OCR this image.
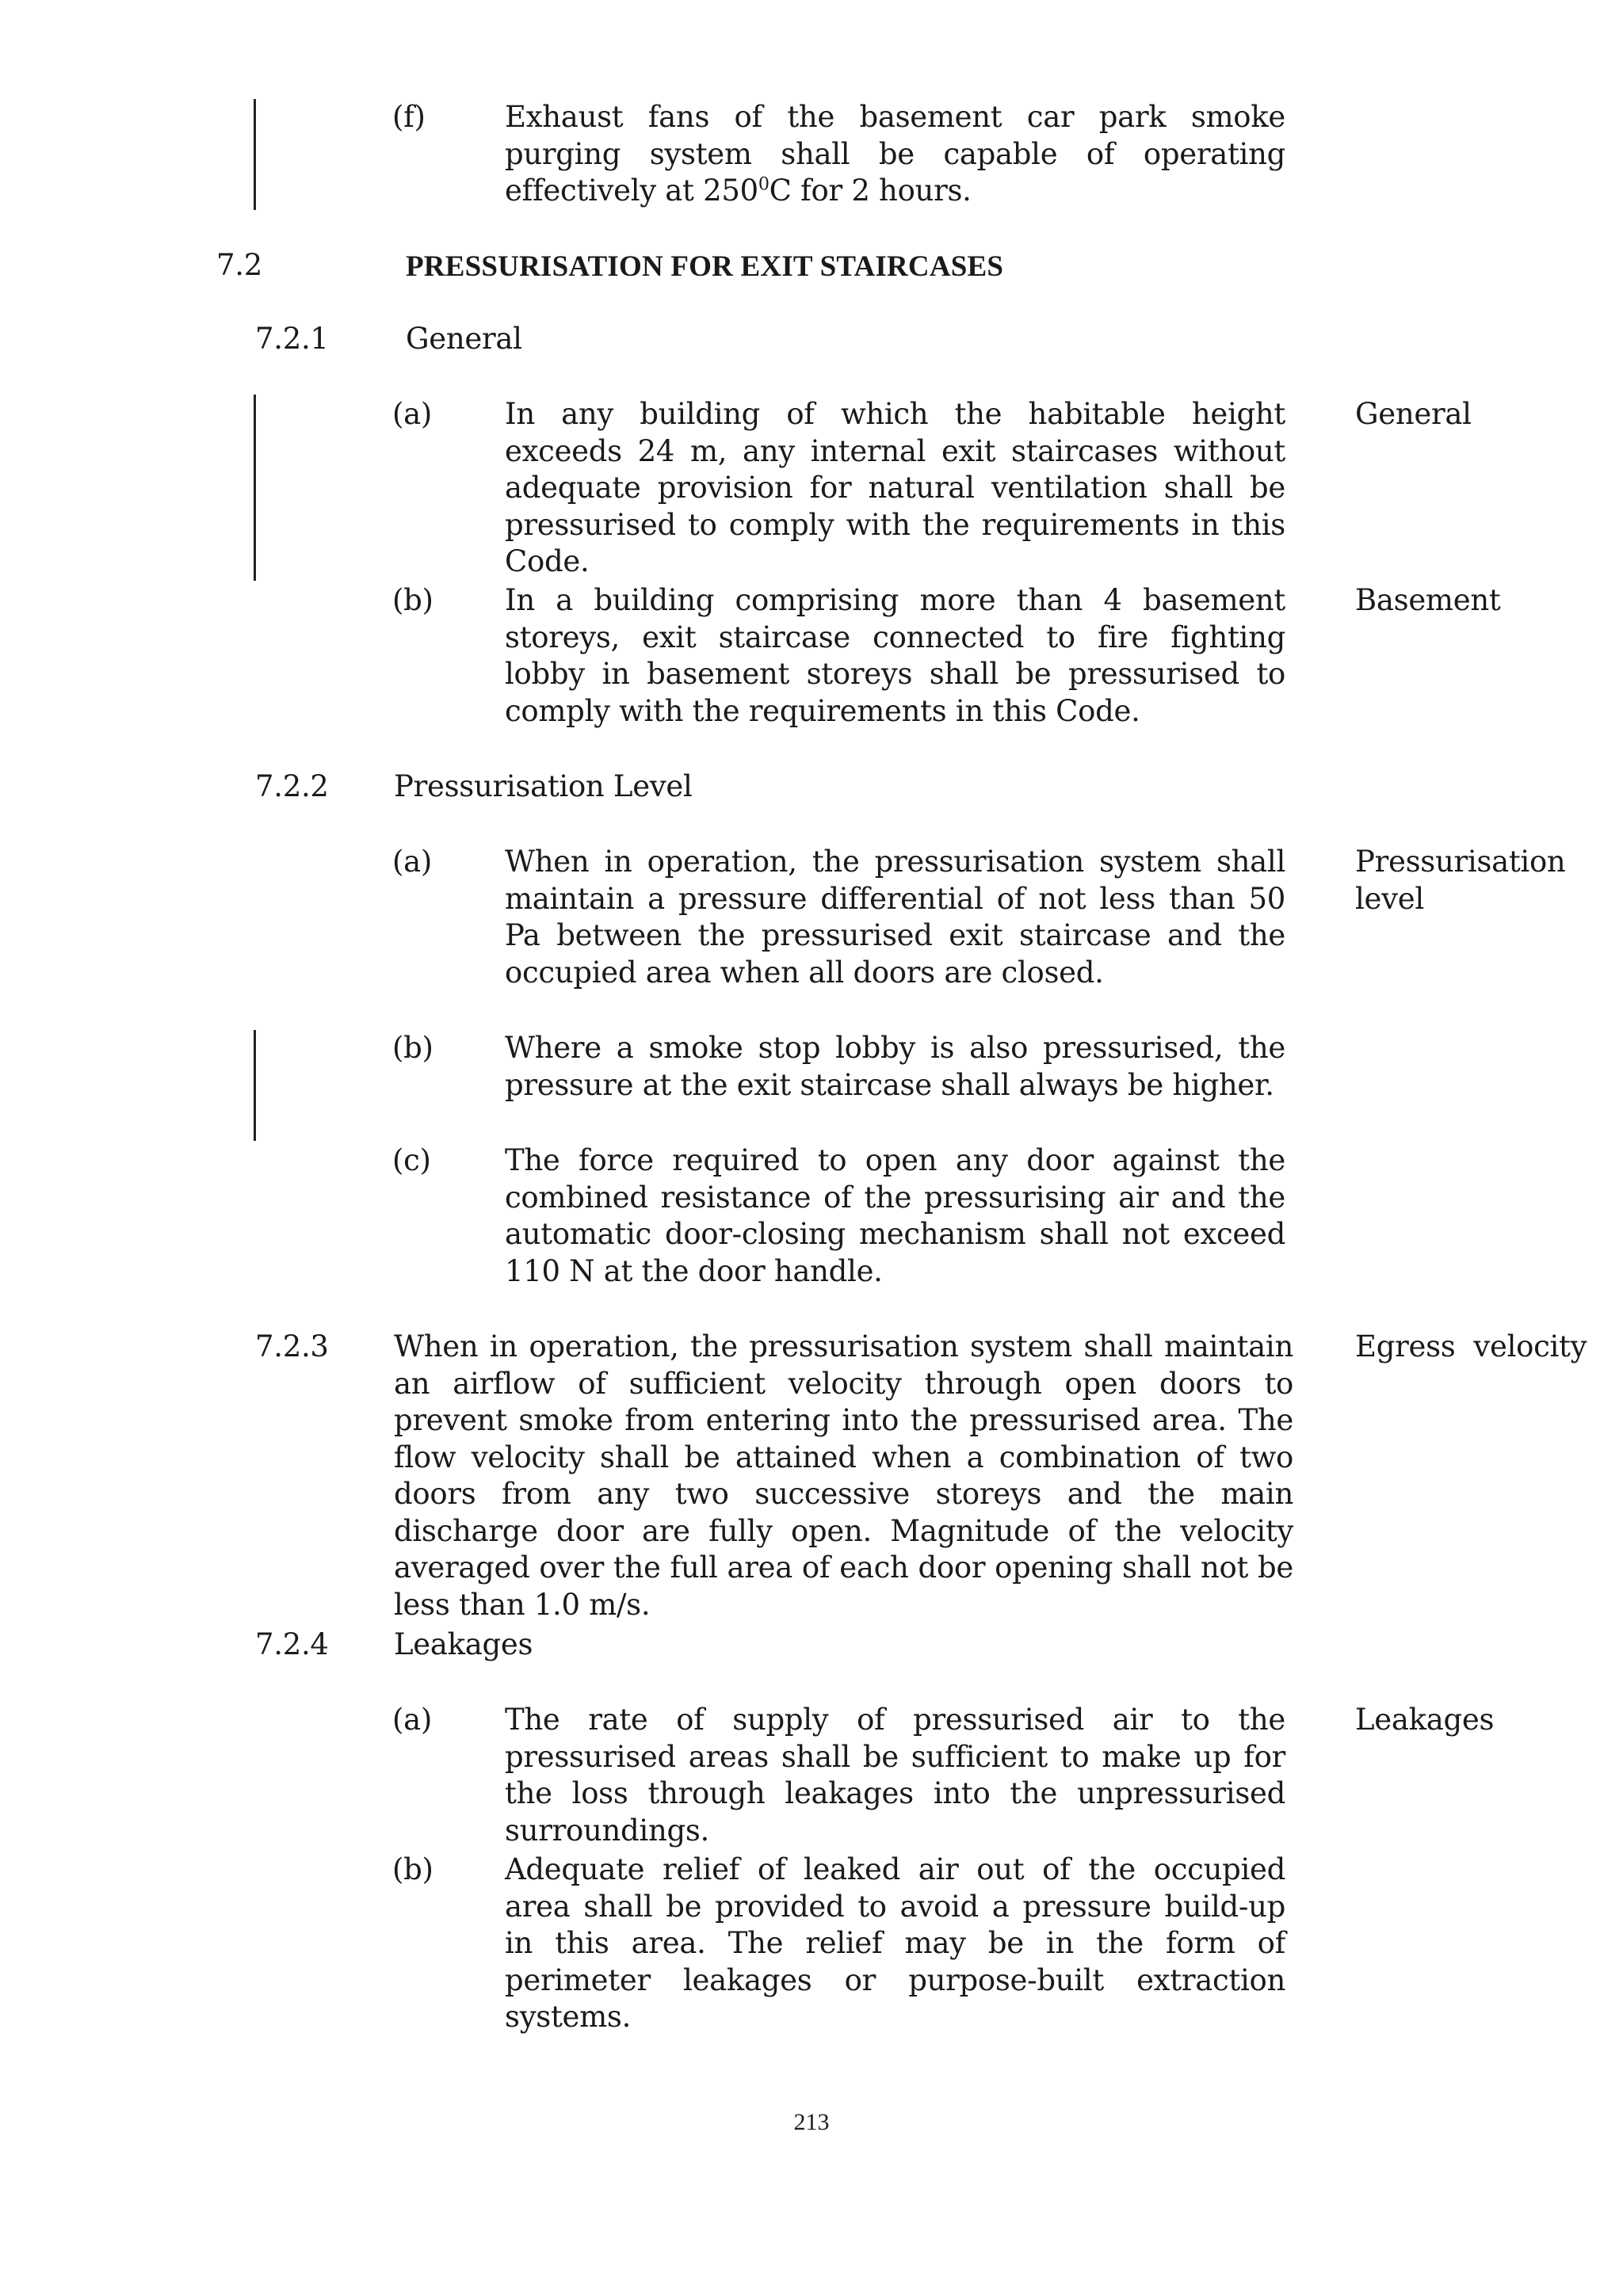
(f)	Exhaust fans of the basement car park smoke purging system shall be capable of operating effectively at $250^0C$ for 2 hours.
7.2	PRESSURISATION FOR EXIT STAIRCASES
7.2.1	General
(a) In any building of which the habitable height exceeds 24 m, any internal exit staircases without adequate provision for natural ventilation shall be pressurised to comply with the requirements in this Code.
General
(b) In a building comprising more than 4 basement storeys, exit staircase connected to fire fighting lobby in basement storeys shall be pressurised to comply with the requirements in this Code.
Basement
7.2.2 Pressurisation Level
(a) When in operation, the pressurisation system shall maintain a pressure differential of not less than 50 Pa between the pressurised exit staircase and the occupied area when all doors are closed.
Pressurisation level
(b) Where a smoke stop lobby is also pressurised, the pressure at the exit staircase shall always be higher.
(c)	The force required to open any door against the combined resistance of the pressurising air and the automatic door-closing mechanism shall not exceed 110 N at the door handle.
7.2.3 When in operation, the pressurisation system shall maintain an airflow of sufficient velocity through open doors to prevent smoke from entering into the pressurised area. The flow velocity shall be attained when a combination of two doors from any two successive storeys and the main discharge door are fully open. Magnitude of the velocity averaged over the full area of each door opening shall not be less than 1.0 m/s.
Egress  velocity
7.2.4 Leakages
(a) The rate of supply of pressurised air to the pressurised areas shall be sufficient to make up for the loss through leakages into the unpressurised surroundings.
Leakages
(b) Adequate relief of leaked air out of the occupied area shall be provided to avoid a pressure build-up in this area. The relief may be in the form of perimeter leakages or purpose-built extraction systems.
213
